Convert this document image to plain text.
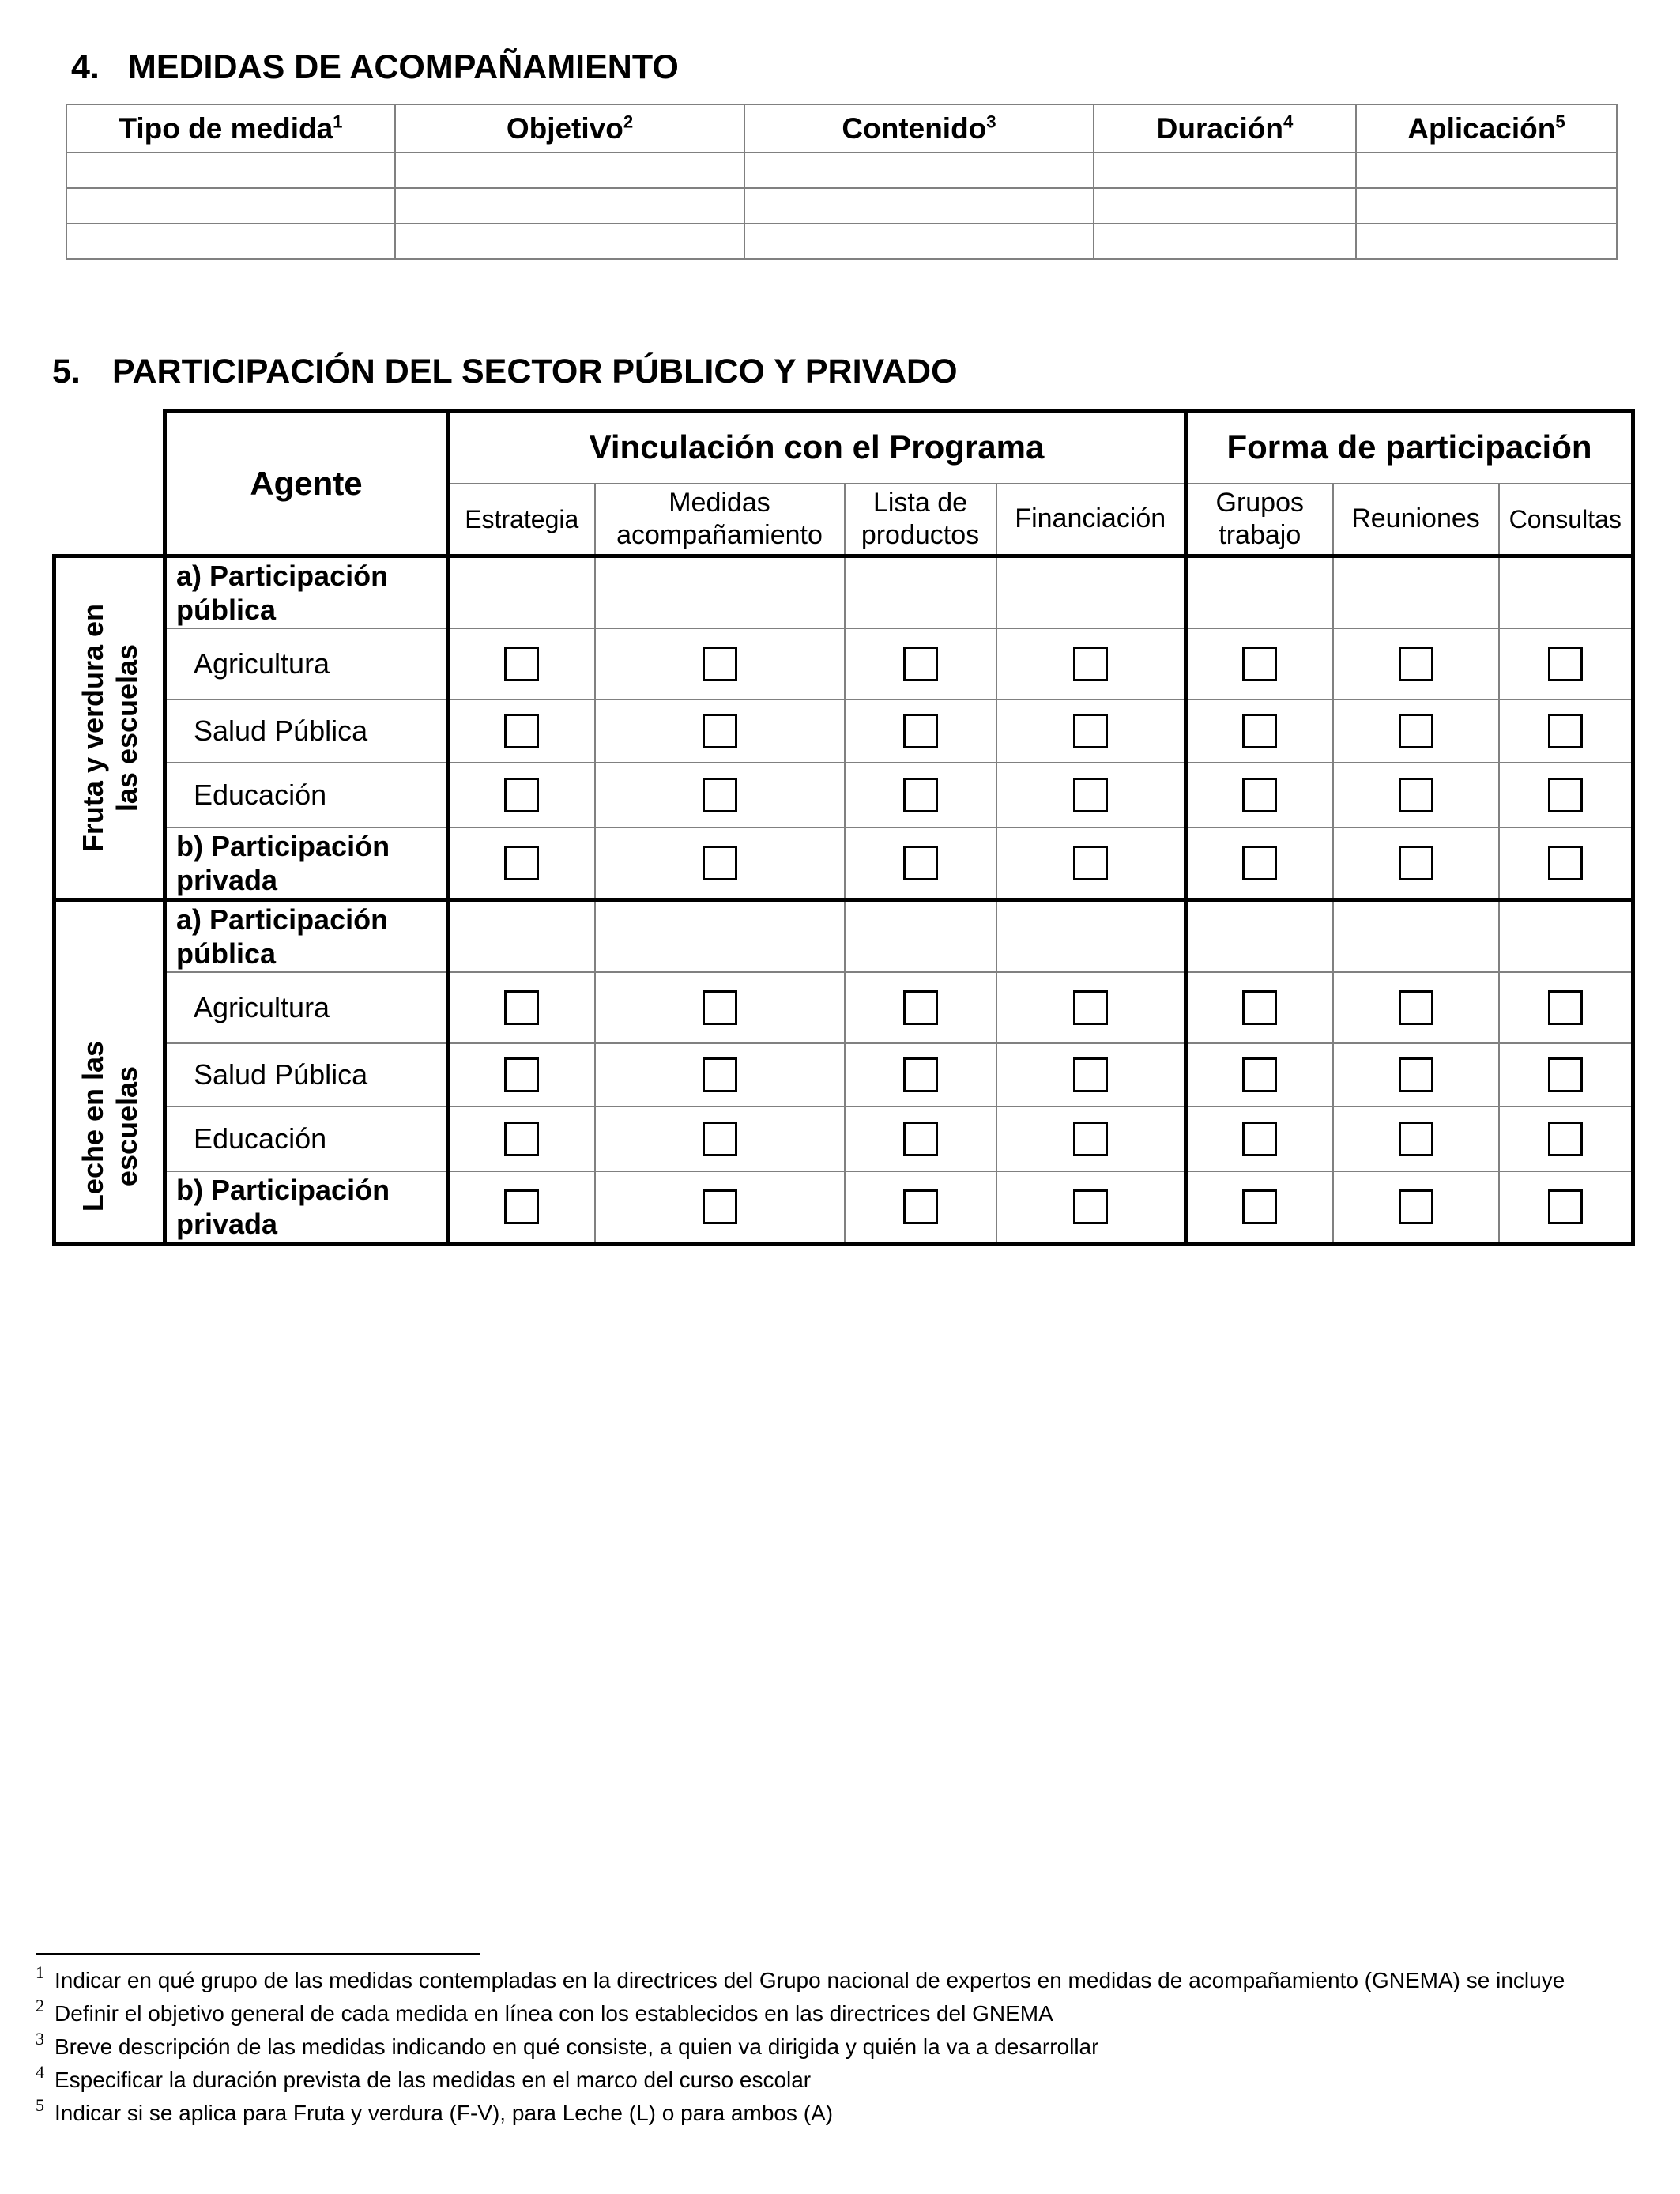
4. MEDIDAS DE ACOMPAÑAMIENTO
Tipo de medida$^1$	Objetivo$^2$	Contenido$^3$	Duración$^4$	Aplicación$^5$

5. PARTICIPACIÓN DEL SECTOR PÚBLICO Y PRIVADO
	Agente	Vinculación con el Programa				Forma de participación		
		Estrategia	Medidas acompañamiento	Lista de productos	Financiación	Grupos trabajo	Reuniones	Consultas

Fruta y verdura en las escuelas	a) Participación pública							
	Agricultura							
	Salud Pública							
	Educación							
	b) Participación privada							

Leche en las escuelas	a) Participación pública							
	Agricultura							
	Salud Pública							
	Educación							
	b) Participación privada							
1 Indicar en qué grupo de las medidas contempladas en la directrices del Grupo nacional de expertos en medidas de acompañamiento (GNEMA) se incluye
2 Definir el objetivo general de cada medida en línea con los establecidos en las directrices del GNEMA
3 Breve descripción de las medidas indicando en qué consiste, a quien va dirigida y quién la va a desarrollar
4 Especificar la duración prevista de las medidas en el marco del curso escolar
5 Indicar si se aplica para Fruta y verdura (F-V), para Leche (L) o para ambos (A)
